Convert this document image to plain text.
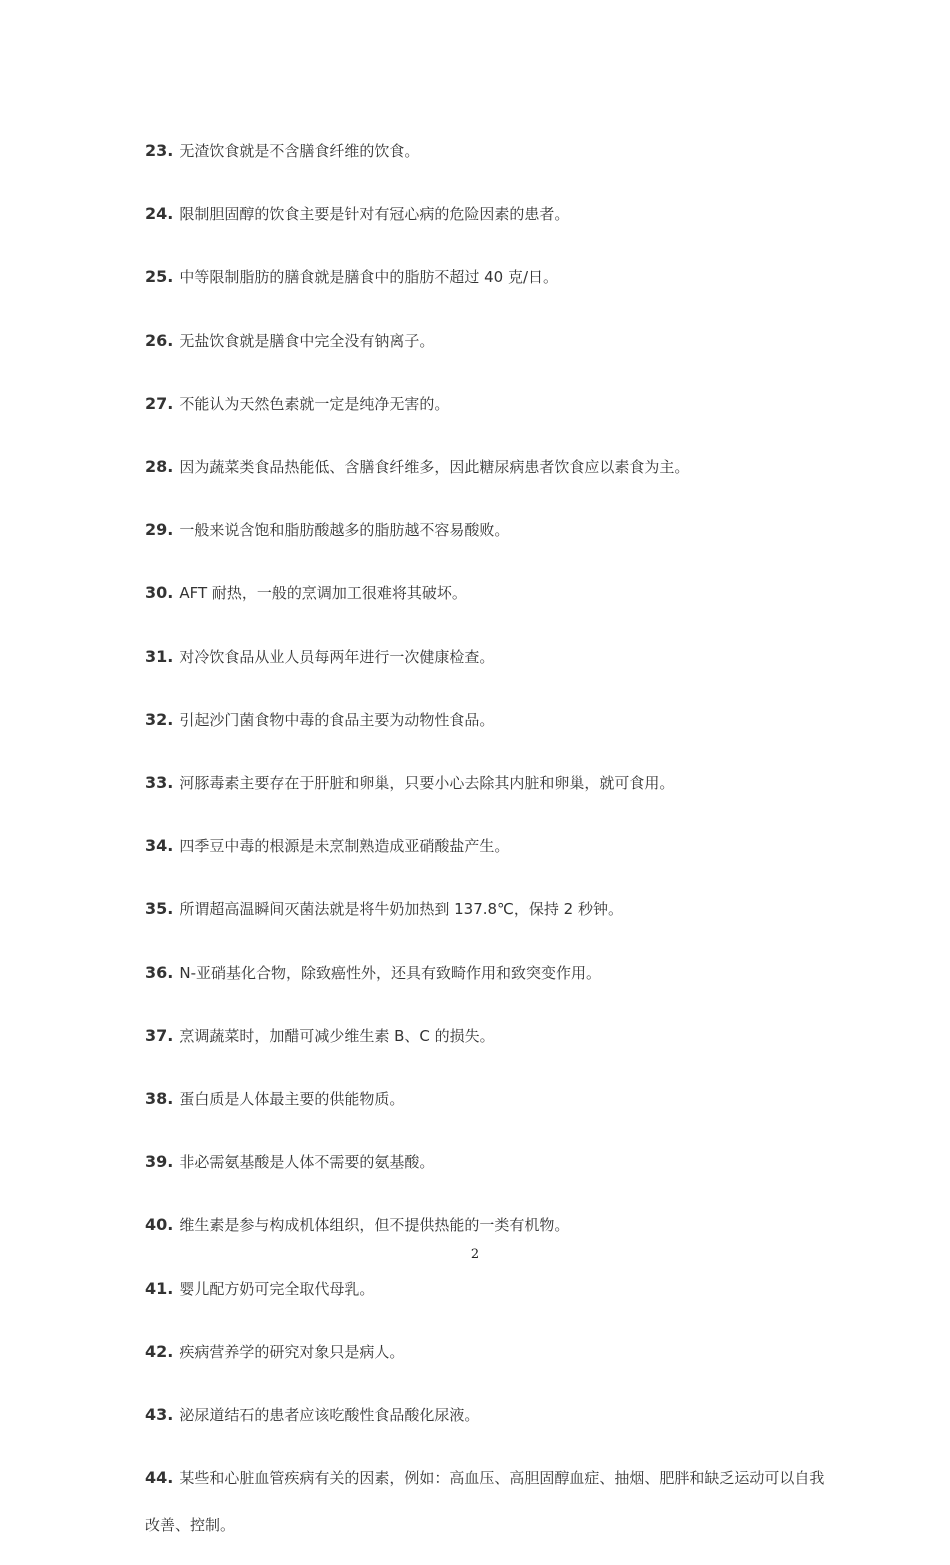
23. 无渣饮食就是不含膳食纤维的饮食。

24. 限制胆固醇的饮食主要是针对有冠心病的危险因素的患者。

25. 中等限制脂肪的膳食就是膳食中的脂肪不超过 40 克/日。

26. 无盐饮食就是膳食中完全没有钠离子。

27. 不能认为天然色素就一定是纯净无害的。

28. 因为蔬菜类食品热能低、含膳食纤维多，因此糖尿病患者饮食应以素食为主。

29. 一般来说含饱和脂肪酸越多的脂肪越不容易酸败。

30. AFT 耐热，一般的烹调加工很难将其破坏。

31. 对冷饮食品从业人员每两年进行一次健康检查。

32. 引起沙门菌食物中毒的食品主要为动物性食品。

33. 河豚毒素主要存在于肝脏和卵巢，只要小心去除其内脏和卵巢，就可食用。

34. 四季豆中毒的根源是未烹制熟造成亚硝酸盐产生。

35. 所谓超高温瞬间灭菌法就是将牛奶加热到 137.8℃，保持 2 秒钟。

36. N-亚硝基化合物，除致癌性外，还具有致畸作用和致突变作用。

37. 烹调蔬菜时，加醋可减少维生素 B、C 的损失。

38. 蛋白质是人体最主要的供能物质。

39. 非必需氨基酸是人体不需要的氨基酸。

40. 维生素是参与构成机体组织，但不提供热能的一类有机物。

41. 婴儿配方奶可完全取代母乳。

42. 疾病营养学的研究对象只是病人。

43. 泌尿道结石的患者应该吃酸性食品酸化尿液。

44. 某些和心脏血管疾病有关的因素，例如：高血压、高胆固醇血症、抽烟、肥胖和缺乏运动可以自我改善、控制。

2
